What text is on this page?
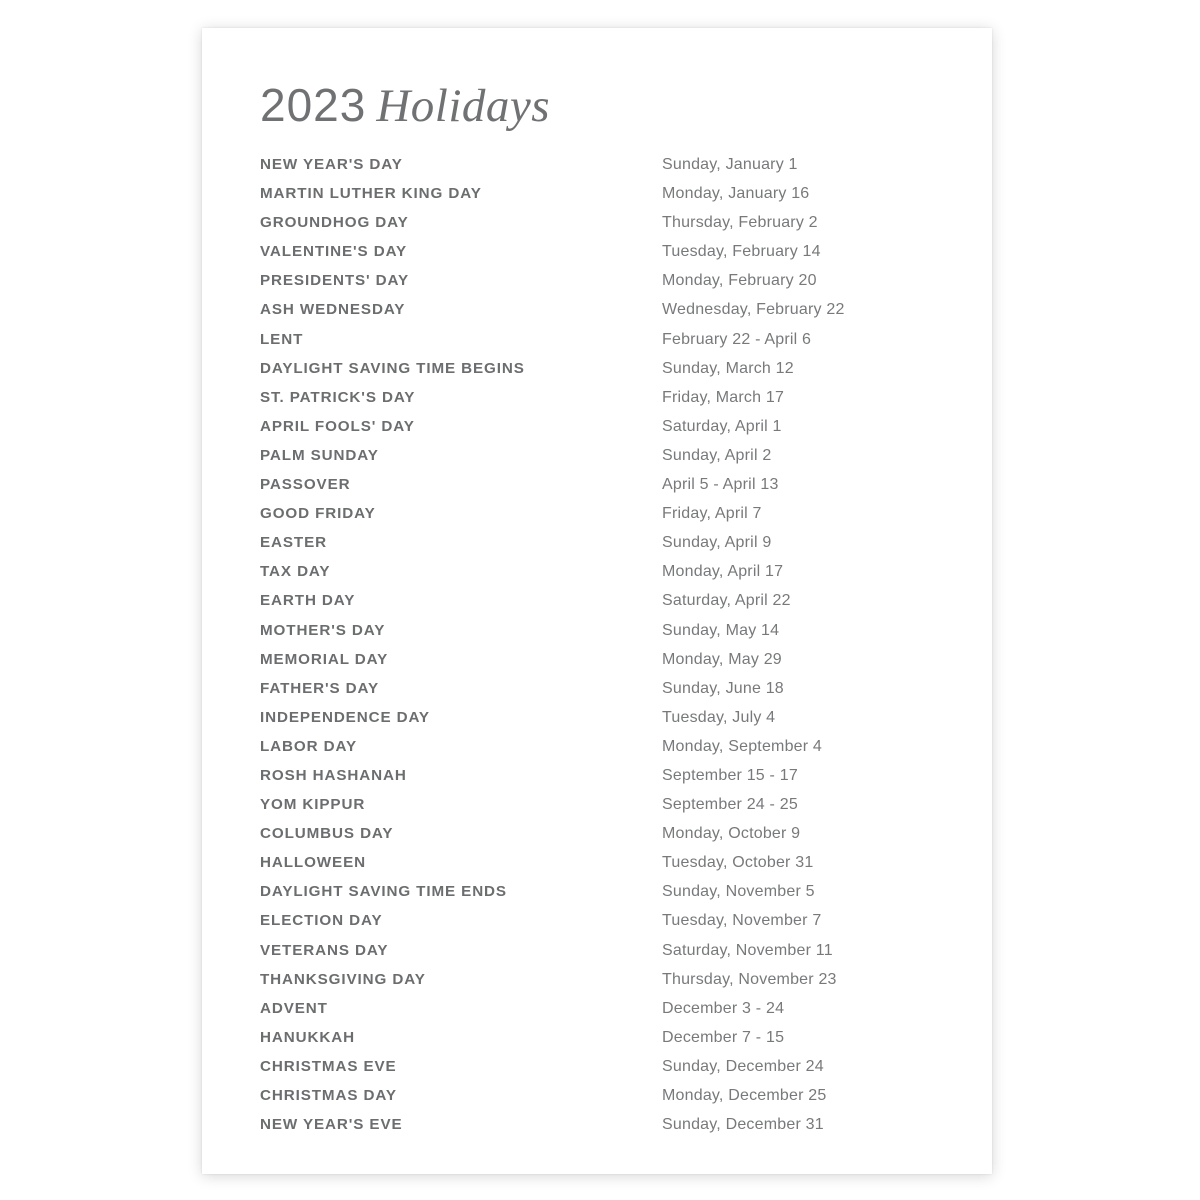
2023 Holidays
NEW YEAR'S DAY	Sunday, January 1
MARTIN LUTHER KING DAY	Monday, January 16
GROUNDHOG DAY	Thursday, February 2
VALENTINE'S DAY	Tuesday, February 14
PRESIDENTS' DAY	Monday, February 20
ASH WEDNESDAY	Wednesday, February 22
LENT	February 22 - April 6
DAYLIGHT SAVING TIME BEGINS	Sunday, March 12
ST. PATRICK'S DAY	Friday, March 17
APRIL FOOLS' DAY	Saturday, April 1
PALM SUNDAY	Sunday, April 2
PASSOVER	April 5 - April 13
GOOD FRIDAY	Friday, April 7
EASTER	Sunday, April 9
TAX DAY	Monday, April 17
EARTH DAY	Saturday, April 22
MOTHER'S DAY	Sunday, May 14
MEMORIAL DAY	Monday, May 29
FATHER'S DAY	Sunday, June 18
INDEPENDENCE DAY	Tuesday, July 4
LABOR DAY	Monday, September 4
ROSH HASHANAH	September 15 - 17
YOM KIPPUR	September 24 - 25
COLUMBUS DAY	Monday, October 9
HALLOWEEN	Tuesday, October 31
DAYLIGHT SAVING TIME ENDS	Sunday, November 5
ELECTION DAY	Tuesday, November 7
VETERANS DAY	Saturday, November 11
THANKSGIVING DAY	Thursday, November 23
ADVENT	December 3 - 24
HANUKKAH	December 7 - 15
CHRISTMAS EVE	Sunday, December 24
CHRISTMAS DAY	Monday, December 25
NEW YEAR'S EVE	Sunday, December 31
